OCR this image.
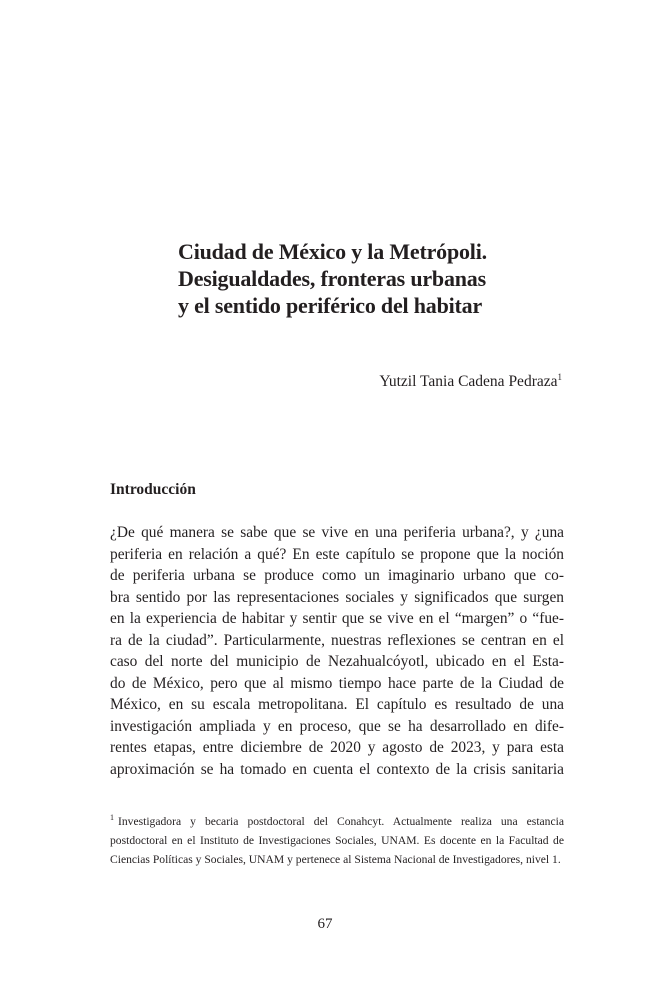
Ciudad de México y la Metrópoli.
Desigualdades, fronteras urbanas
y el sentido periférico del habitar
Yutzil Tania Cadena Pedraza$^1$
Introducción

¿De qué manera se sabe que se vive en una periferia urbana?, y ¿una
periferia en relación a qué? En este capítulo se propone que la noción
de periferia urbana se produce como un imaginario urbano que co-
bra sentido por las representaciones sociales y significados que surgen
en la experiencia de habitar y sentir que se vive en el “margen” o “fue-
ra de la ciudad”. Particularmente, nuestras reflexiones se centran en el
caso del norte del municipio de Nezahualcóyotl, ubicado en el Esta-
do de México, pero que al mismo tiempo hace parte de la Ciudad de
México, en su escala metropolitana. El capítulo es resultado de una
investigación ampliada y en proceso, que se ha desarrollado en dife-
rentes etapas, entre diciembre de 2020 y agosto de 2023, y para esta
aproximación se ha tomado en cuenta el contexto de la crisis sanitaria

$^1$ Investigadora y becaria postdoctoral del Conahcyt. Actualmente realiza una estancia
postdoctoral en el Instituto de Investigaciones Sociales, UNAM. Es docente en la Facultad de
Ciencias Políticas y Sociales, UNAM y pertenece al Sistema Nacional de Investigadores, nivel 1.
67
